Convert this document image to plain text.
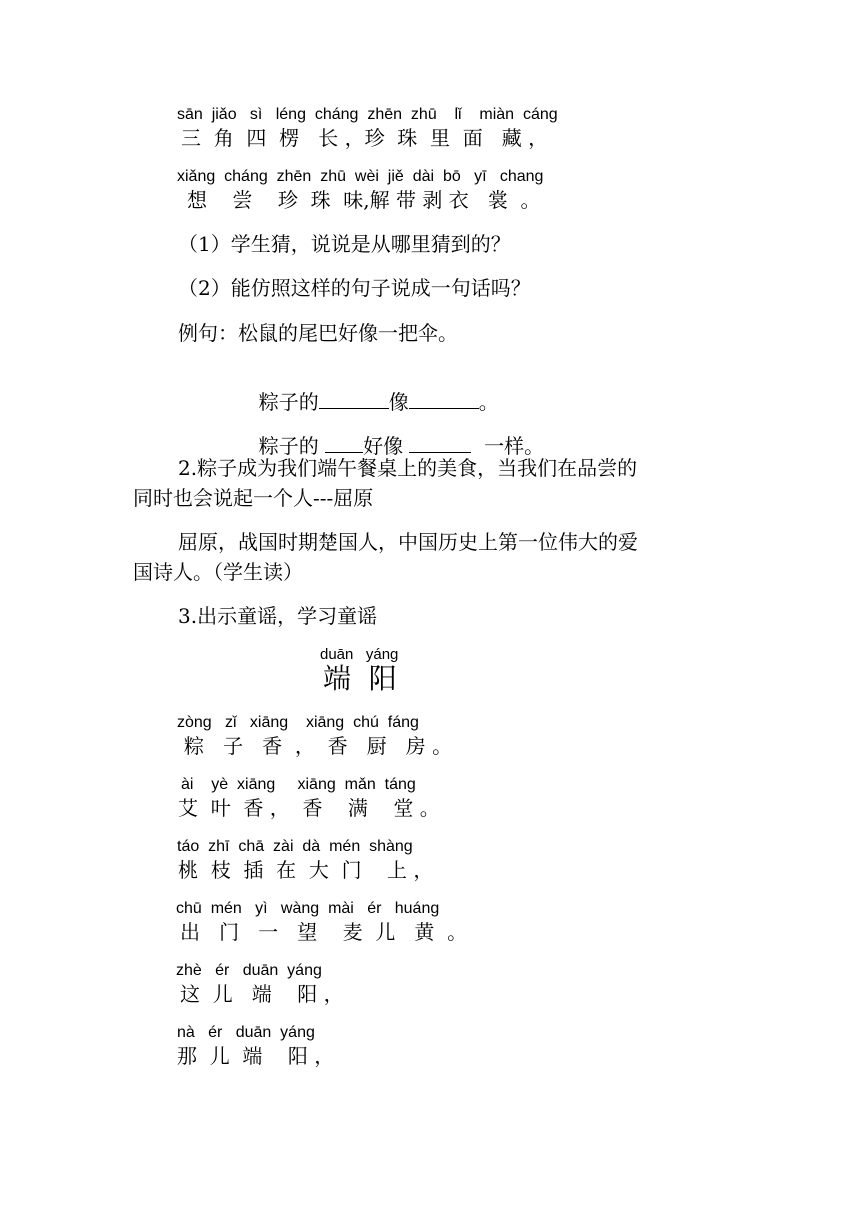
sān  jiǎo   sì   léng  cháng  zhēn  zhū    lǐ    miàn  cáng
三  角  四  楞   长 ，珍  珠  里  面   藏 ，
xiǎng  cháng  zhēn  zhū  wèi  jiě  dài  bō   yī   chang
想    尝    珍  珠  味,解 带 剥 衣   裳  。
（1）学生猜，说说是从哪里猜到的？
（2）能仿照这样的句子说成一句话吗？
例句：松鼠的尾巴好像一把伞。

粽子的	像	。

粽子的 好像	一样。

2.粽子成为我们端午餐桌上的美食，当我们在品尝的
同时也会说起一个人---屈原
屈原，战国时期楚国人，中国历史上第一位伟大的爱
国诗人。（学生读）
3.出示童谣，学习童谣
duān   yáng
端  阳
zòng   zǐ   xiāng    xiāng  chú  fáng
粽   子   香  ，  香   厨   房 。
ài    yè  xiāng     xiāng  mǎn  táng
艾  叶  香 ，  香    满    堂 。
táo  zhī  chā  zài  dà  mén  shàng
桃  枝  插  在  大  门    上 ，
chū  mén   yì   wàng  mài   ér   huáng
出   门   一   望    麦  儿   黄  。
zhè   ér   duān  yáng
这  儿   端    阳 ，
nà   ér   duān  yáng
那  儿  端    阳 ，
